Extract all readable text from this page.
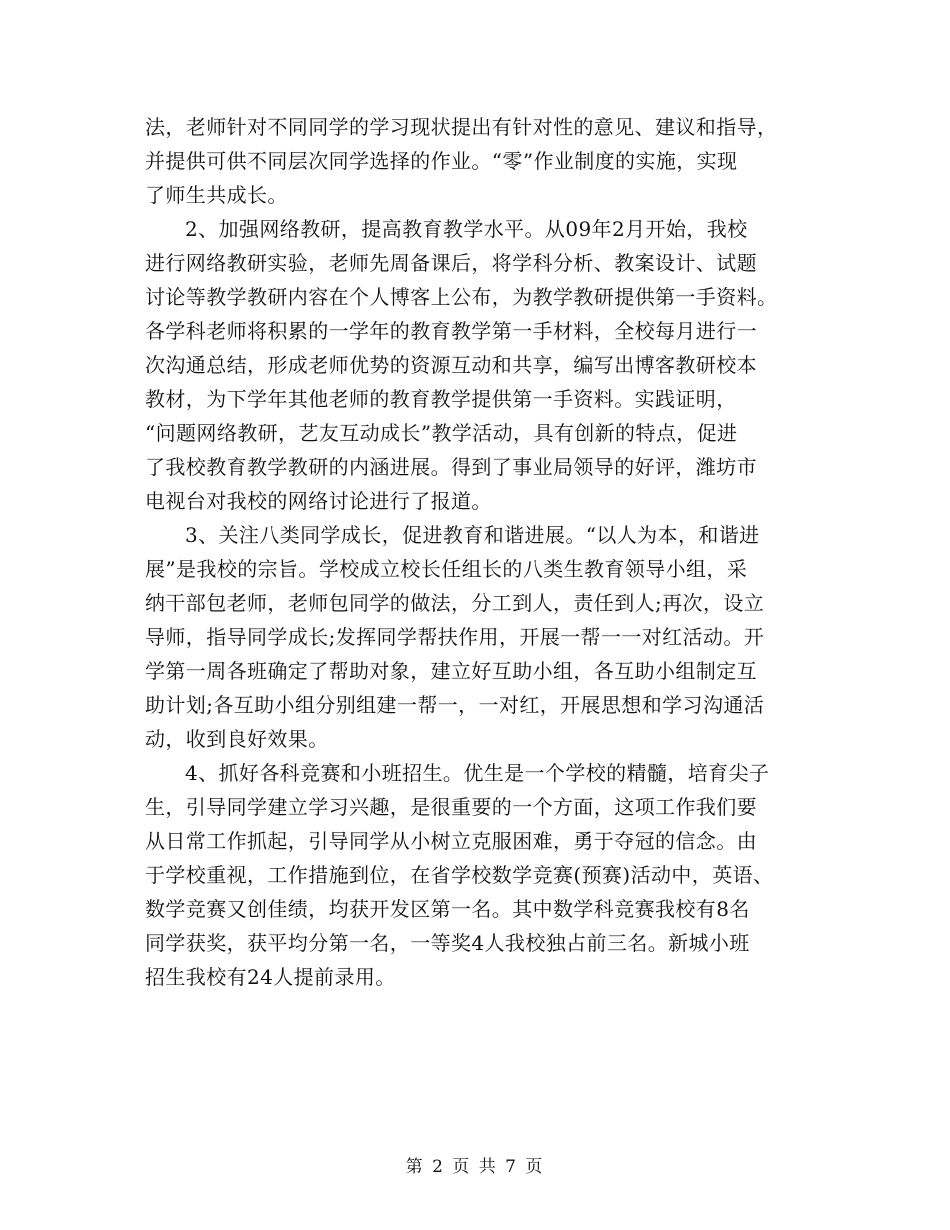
法，老师针对不同同学的学习现状提出有针对性的意见、建议和指导，
并提供可供不同层次同学选择的作业。“零”作业制度的实施，实现
了师生共成长。
2、加强网络教研，提高教育教学水平。从09年2月开始，我校
进行网络教研实验，老师先周备课后，将学科分析、教案设计、试题
讨论等教学教研内容在个人博客上公布，为教学教研提供第一手资料。
各学科老师将积累的一学年的教育教学第一手材料，全校每月进行一
次沟通总结，形成老师优势的资源互动和共享，编写出博客教研校本
教材，为下学年其他老师的教育教学提供第一手资料。实践证明，
“问题网络教研，艺友互动成长”教学活动，具有创新的特点，促进
了我校教育教学教研的内涵进展。得到了事业局领导的好评，潍坊市
电视台对我校的网络讨论进行了报道。
3、关注八类同学成长，促进教育和谐进展。“以人为本，和谐进
展”是我校的宗旨。学校成立校长任组长的八类生教育领导小组，采
纳干部包老师，老师包同学的做法，分工到人，责任到人;再次，设立
导师，指导同学成长;发挥同学帮扶作用，开展一帮一一对红活动。开
学第一周各班确定了帮助对象，建立好互助小组，各互助小组制定互
助计划;各互助小组分别组建一帮一，一对红，开展思想和学习沟通活
动，收到良好效果。
4、抓好各科竞赛和小班招生。优生是一个学校的精髓，培育尖子
生，引导同学建立学习兴趣，是很重要的一个方面，这项工作我们要
从日常工作抓起，引导同学从小树立克服困难，勇于夺冠的信念。由
于学校重视，工作措施到位，在省学校数学竞赛(预赛)活动中，英语、
数学竞赛又创佳绩，均获开发区第一名。其中数学科竞赛我校有8名
同学获奖，获平均分第一名，一等奖4人我校独占前三名。新城小班
招生我校有24人提前录用。
第 2 页 共 7 页
